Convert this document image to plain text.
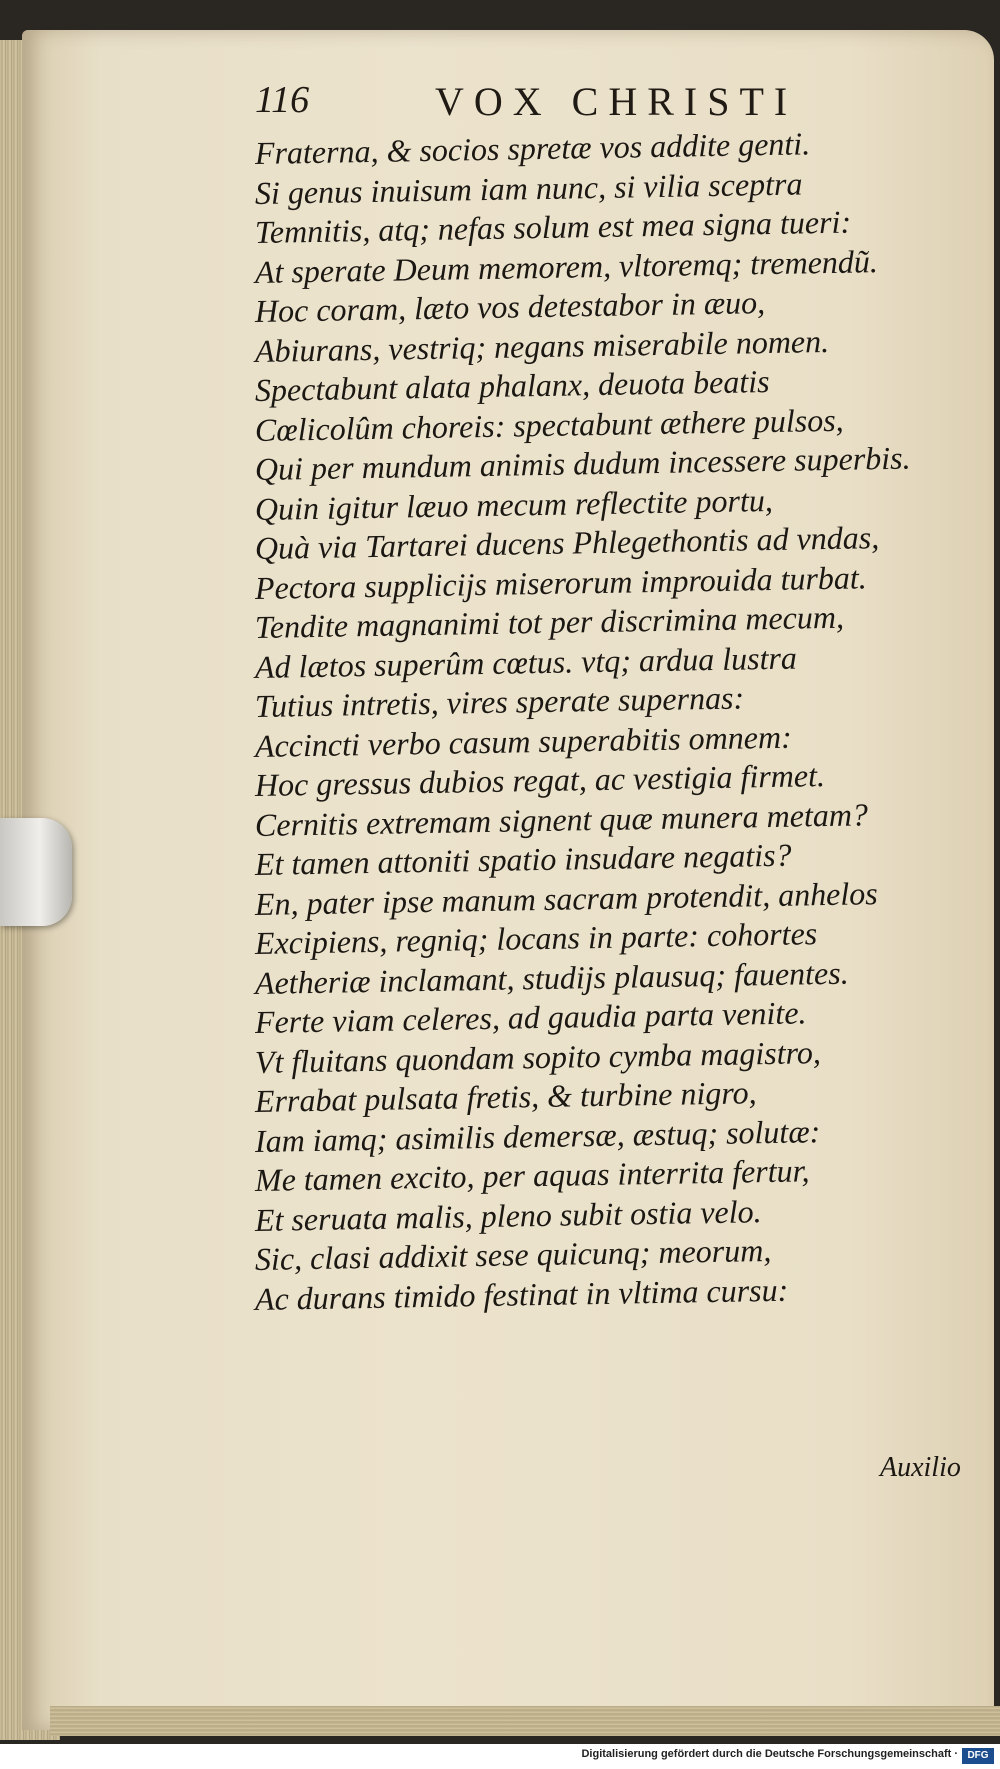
116	VOX CHRISTI
Fraterna, & socios spretæ vos addite genti.
Si genus inuisum iam nunc, si vilia sceptra
Temnitis, atq; nefas solum est mea signa tueri:
At sperate Deum memorem, vltoremq; tremendũ.
Hoc coram, læto vos detestabor in æuo,
Abiurans, vestriq; negans miserabile nomen.
Spectabunt alata phalanx, deuota beatis
Cœlicolûm choreis: spectabunt æthere pulsos,
Qui per mundum animis dudum incessere superbis.
Quin igitur læuo mecum reflectite portu,
Quà via Tartarei ducens Phlegethontis ad vndas,
Pectora supplicijs miserorum improuida turbat.
Tendite magnanimi tot per discrimina mecum,
Ad lætos superûm cœtus. vtq; ardua lustra
Tutius intretis, vires sperate supernas:
Accincti verbo casum superabitis omnem:
Hoc gressus dubios regat, ac vestigia firmet.
Cernitis extremam signent quæ munera metam?
Et tamen attoniti spatio insudare negatis?
En, pater ipse manum sacram protendit, anhelos
Excipiens, regniq; locans in parte: cohortes
Aetheriæ inclamant, studijs plausuq; fauentes.
Ferte viam celeres, ad gaudia parta venite.
Vt fluitans quondam sopito cymba magistro,
Errabat pulsata fretis, & turbine nigro,
Iam iamq; asimilis demersæ, æstuq; solutæ:
Me tamen excito, per aquas interrita fertur,
Et seruata malis, pleno subit ostia velo.
Sic, clasi addixit sese quicunq; meorum,
Ac durans timido festinat in vltima cursu:
Auxilio
Digitalisierung gefördert durch die Deutsche Forschungsgemeinschaft · DFG
